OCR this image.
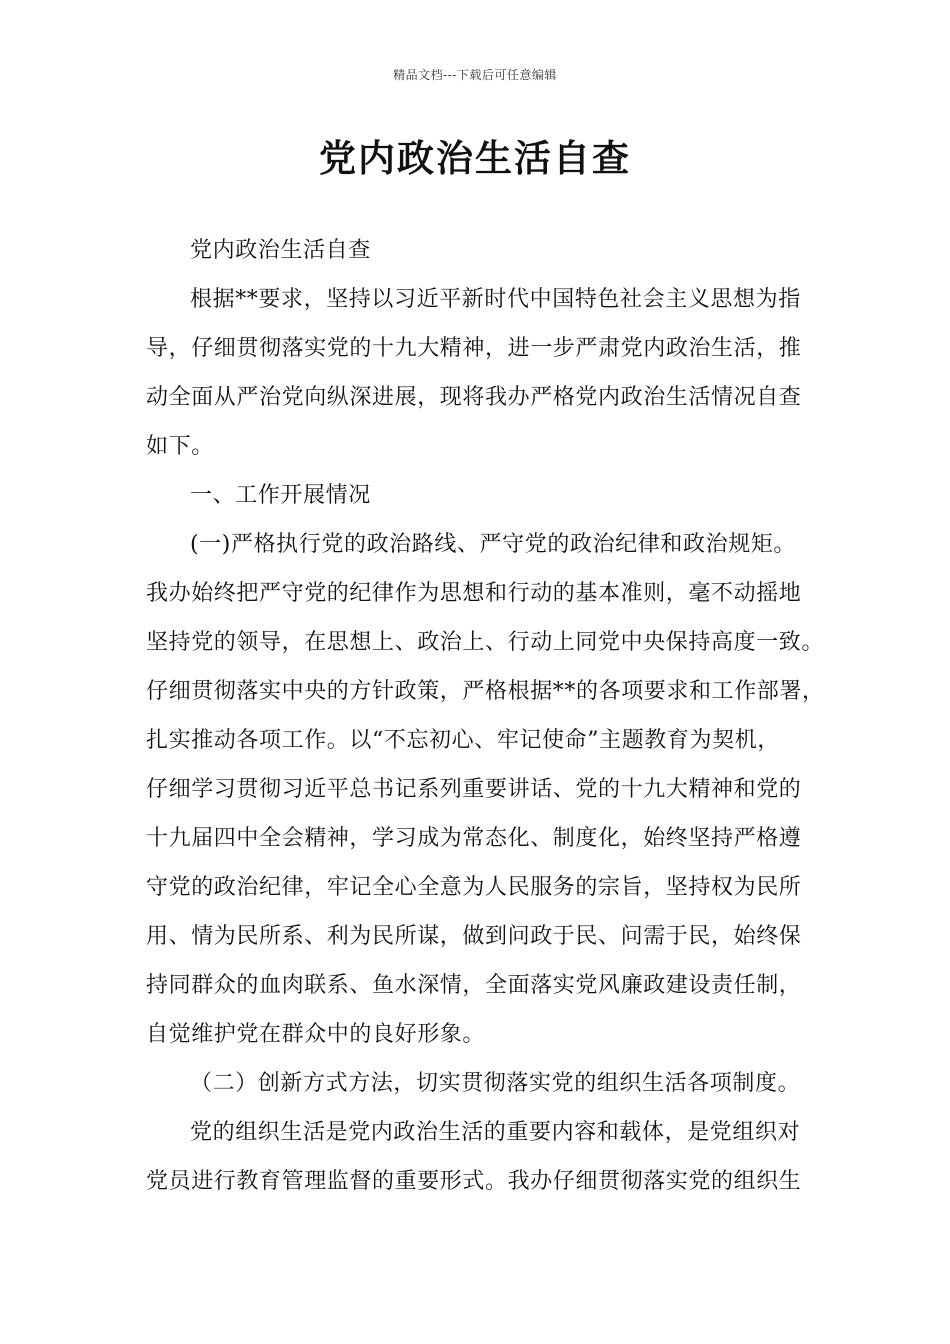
精品文档---下载后可任意编辑
党内政治生活自查
党内政治生活自查
根据**要求，坚持以习近平新时代中国特色社会主义思想为指
导，仔细贯彻落实党的十九大精神，进一步严肃党内政治生活，推
动全面从严治党向纵深进展，现将我办严格党内政治生活情况自查
如下。
一、工作开展情况
(一)严格执行党的政治路线、严守党的政治纪律和政治规矩。
我办始终把严守党的纪律作为思想和行动的基本准则，毫不动摇地
坚持党的领导，在思想上、政治上、行动上同党中央保持高度一致。
仔细贯彻落实中央的方针政策，严格根据**的各项要求和工作部署，
扎实推动各项工作。以“不忘初心、牢记使命”主题教育为契机，
仔细学习贯彻习近平总书记系列重要讲话、党的十九大精神和党的
十九届四中全会精神，学习成为常态化、制度化，始终坚持严格遵
守党的政治纪律，牢记全心全意为人民服务的宗旨，坚持权为民所
用、情为民所系、利为民所谋，做到问政于民、问需于民，始终保
持同群众的血肉联系、鱼水深情，全面落实党风廉政建设责任制，
自觉维护党在群众中的良好形象。
（二）创新方式方法，切实贯彻落实党的组织生活各项制度。
党的组织生活是党内政治生活的重要内容和载体，是党组织对
党员进行教育管理监督的重要形式。我办仔细贯彻落实党的组织生
